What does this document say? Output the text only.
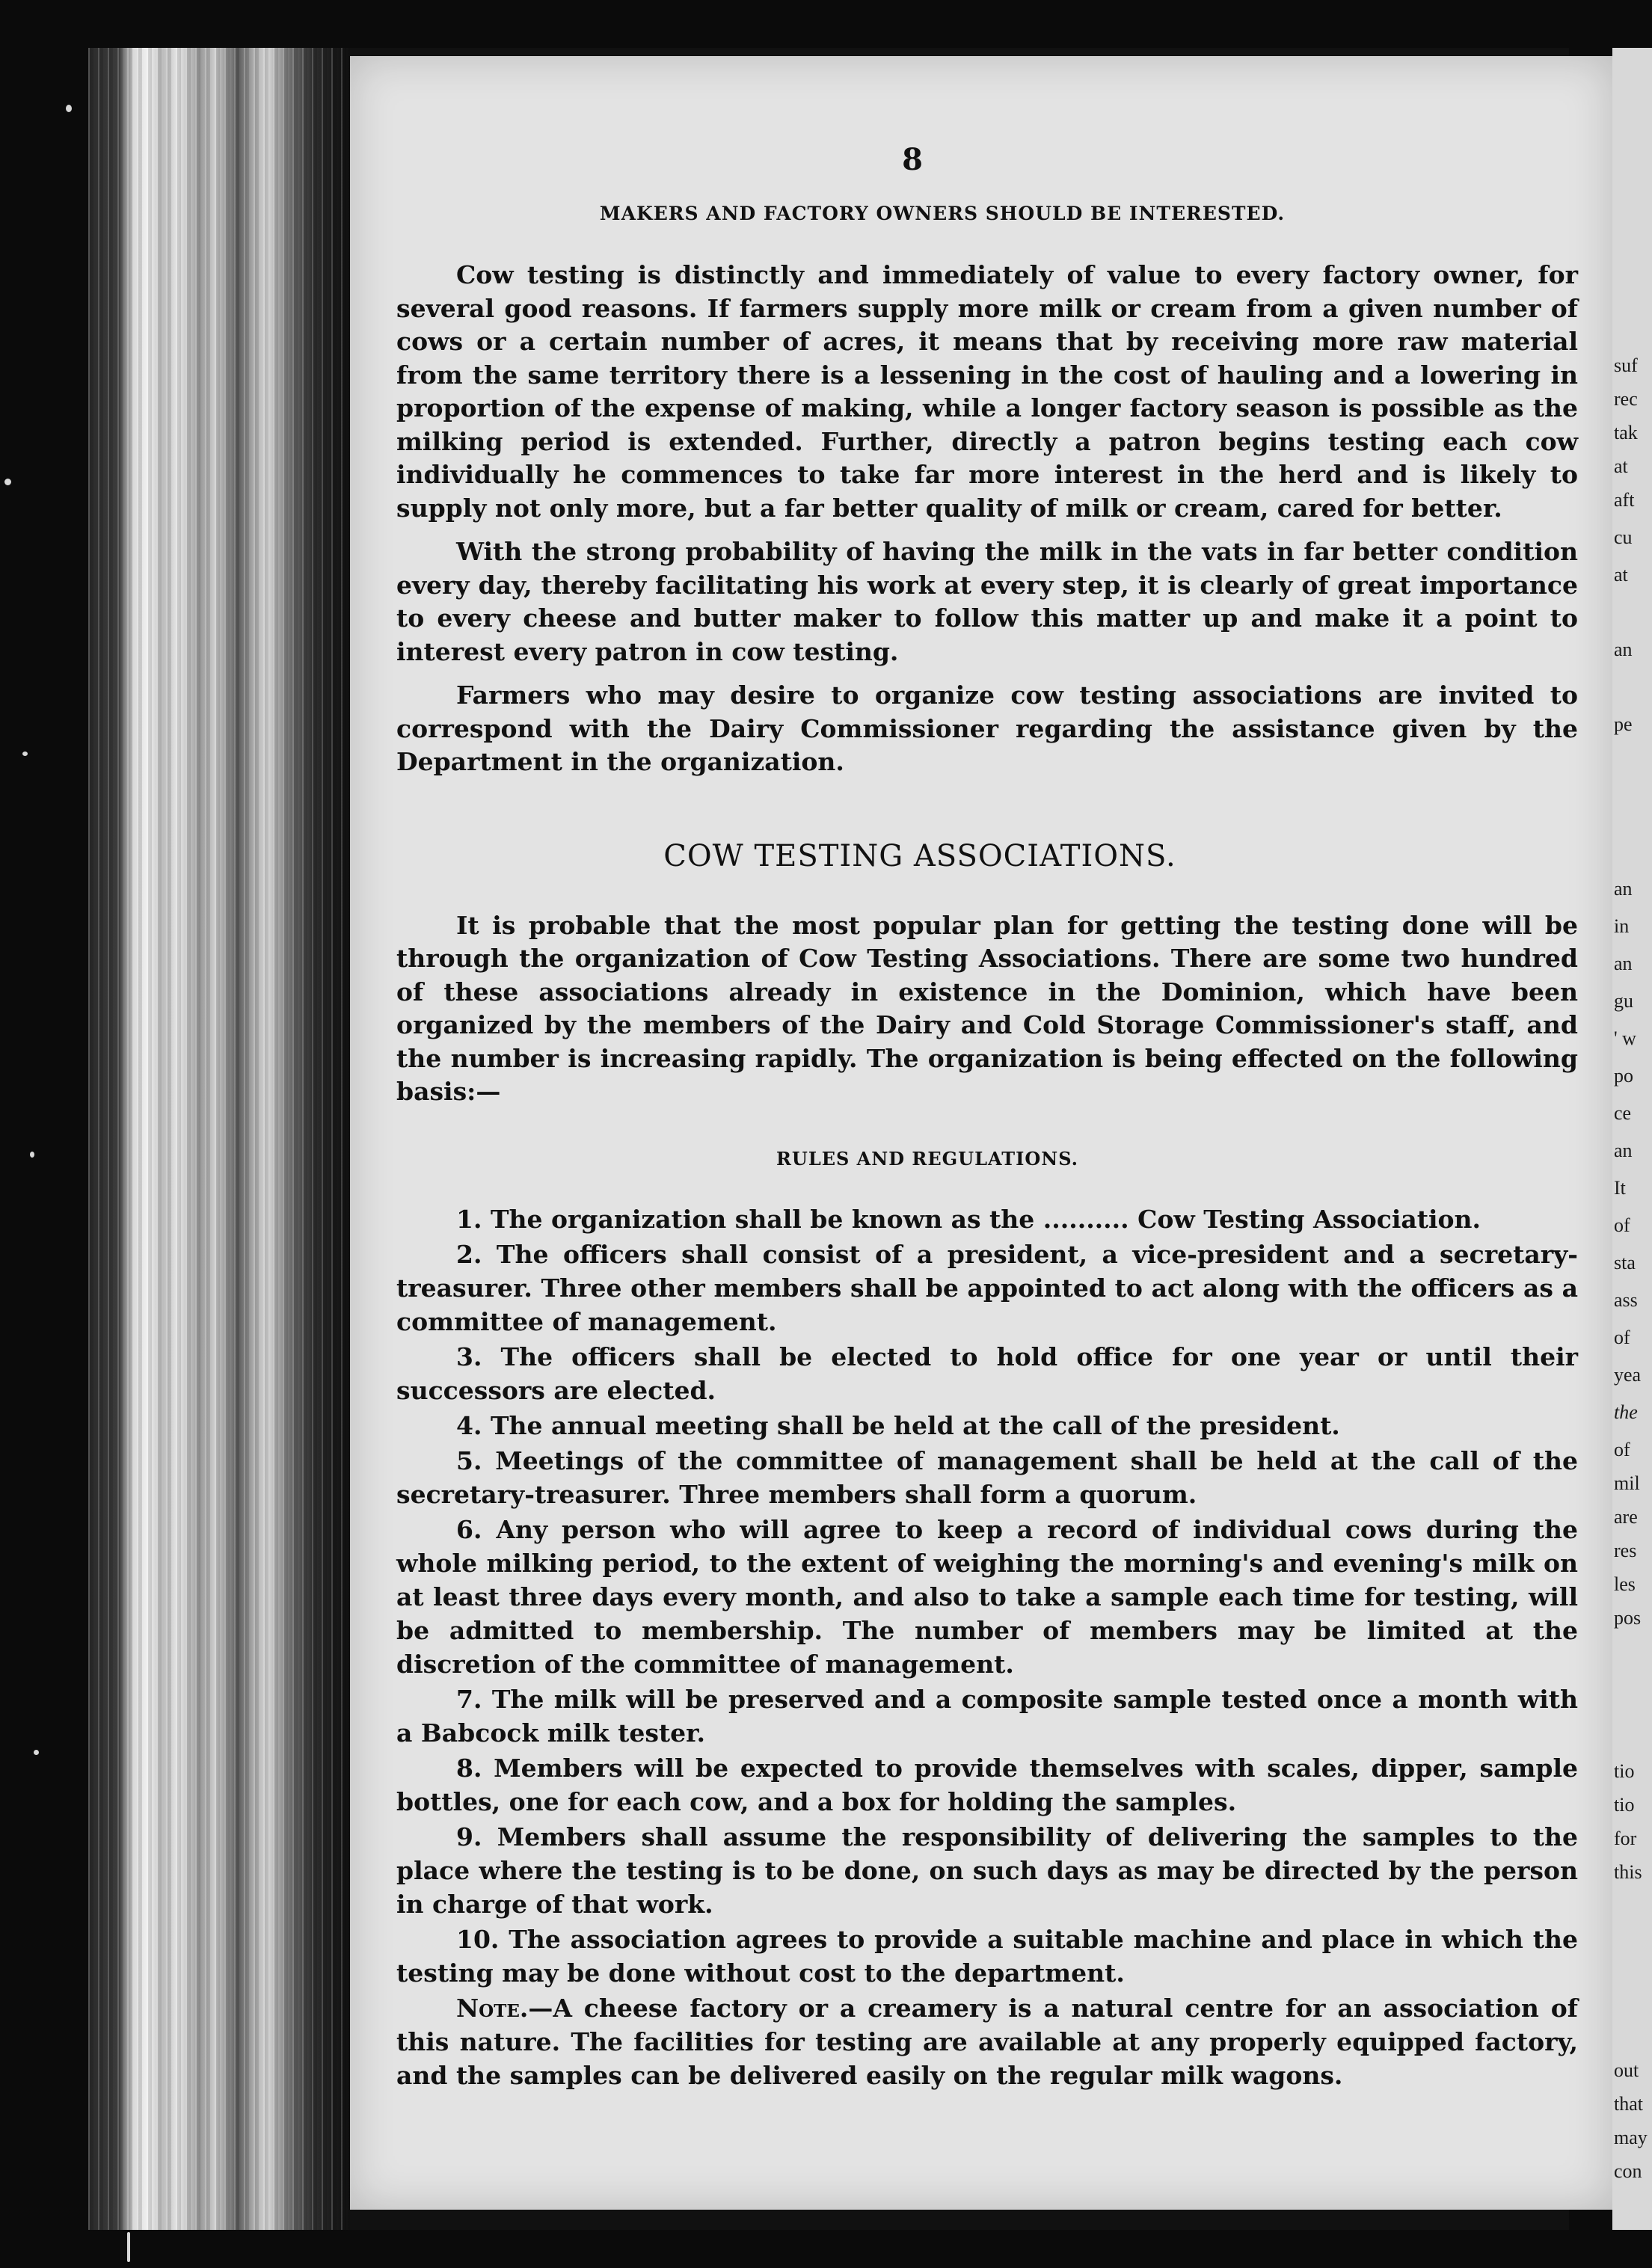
suf
rec
tak
at
aft
cu
at
an
pe
an
in
an
gu
' w
po
ce
an
It
of
sta
ass
of
yea
the
of
mil
are
res
les
pos
tio
tio
for
this
out
that
may
con
8
MAKERS AND FACTORY OWNERS SHOULD BE INTERESTED.

Cow testing is distinctly and immediately of value to every factory owner, for several good reasons. If farmers supply more milk or cream from a given number of cows or a certain number of acres, it means that by receiving more raw material from the same territory there is a lessening in the cost of hauling and a lowering in proportion of the expense of making, while a longer factory season is possible as the milking period is extended. Further, directly a patron begins testing each cow individually he commences to take far more interest in the herd and is likely to supply not only more, but a far better quality of milk or cream, cared for better.

With the strong probability of having the milk in the vats in far better condition every day, thereby facilitating his work at every step, it is clearly of great importance to every cheese and butter maker to follow this matter up and make it a point to interest every patron in cow testing.

Farmers who may desire to organize cow testing associations are invited to correspond with the Dairy Commissioner regarding the assistance given by the Department in the organization.

COW TESTING ASSOCIATIONS.

It is probable that the most popular plan for getting the testing done will be through the organization of Cow Testing Associations. There are some two hundred of these associations already in existence in the Dominion, which have been organized by the members of the Dairy and Cold Storage Commissioner's staff, and the number is increasing rapidly. The organization is being effected on the following basis:—

RULES AND REGULATIONS.

1. The organization shall be known as the .......... Cow Testing Association.

2. The officers shall consist of a president, a vice-president and a secretary-treasurer. Three other members shall be appointed to act along with the officers as a committee of management.

3. The officers shall be elected to hold office for one year or until their successors are elected.

4. The annual meeting shall be held at the call of the president.

5. Meetings of the committee of management shall be held at the call of the secretary-treasurer. Three members shall form a quorum.

6. Any person who will agree to keep a record of individual cows during the whole milking period, to the extent of weighing the morning's and evening's milk on at least three days every month, and also to take a sample each time for testing, will be admitted to membership. The number of members may be limited at the discretion of the committee of management.

7. The milk will be preserved and a composite sample tested once a month with a Babcock milk tester.

8. Members will be expected to provide themselves with scales, dipper, sample bottles, one for each cow, and a box for holding the samples.

9. Members shall assume the responsibility of delivering the samples to the place where the testing is to be done, on such days as may be directed by the person in charge of that work.

10. The association agrees to provide a suitable machine and place in which the testing may be done without cost to the department.

Note.—A cheese factory or a creamery is a natural centre for an association of this nature. The facilities for testing are available at any properly equipped factory, and the samples can be delivered easily on the regular milk wagons.
